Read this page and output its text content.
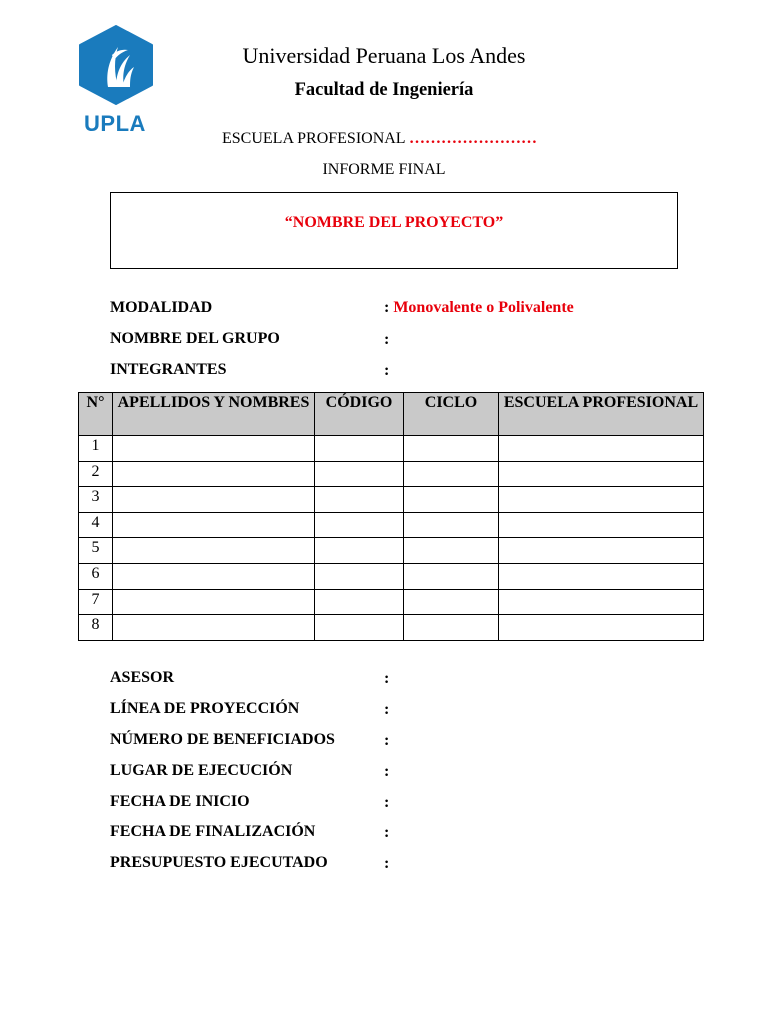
UPLA
Universidad Peruana Los Andes
Facultad de Ingeniería
ESCUELA PROFESIONAL ……………………
INFORME FINAL
“NOMBRE DEL PROYECTO”
MODALIDAD	: Monovalente o Polivalente
NOMBRE DEL GRUPO	:
INTEGRANTES	:
N°	APELLIDOS Y NOMBRES	CÓDIGO	CICLO	ESCUELA PROFESIONAL
1				
2				
3				
4				
5				
6				
7				
8				
ASESOR	:
LÍNEA DE PROYECCIÓN	:
NÚMERO DE BENEFICIADOS	:
LUGAR DE EJECUCIÓN	:
FECHA DE INICIO	:
FECHA DE FINALIZACIÓN	:
PRESUPUESTO EJECUTADO	:
